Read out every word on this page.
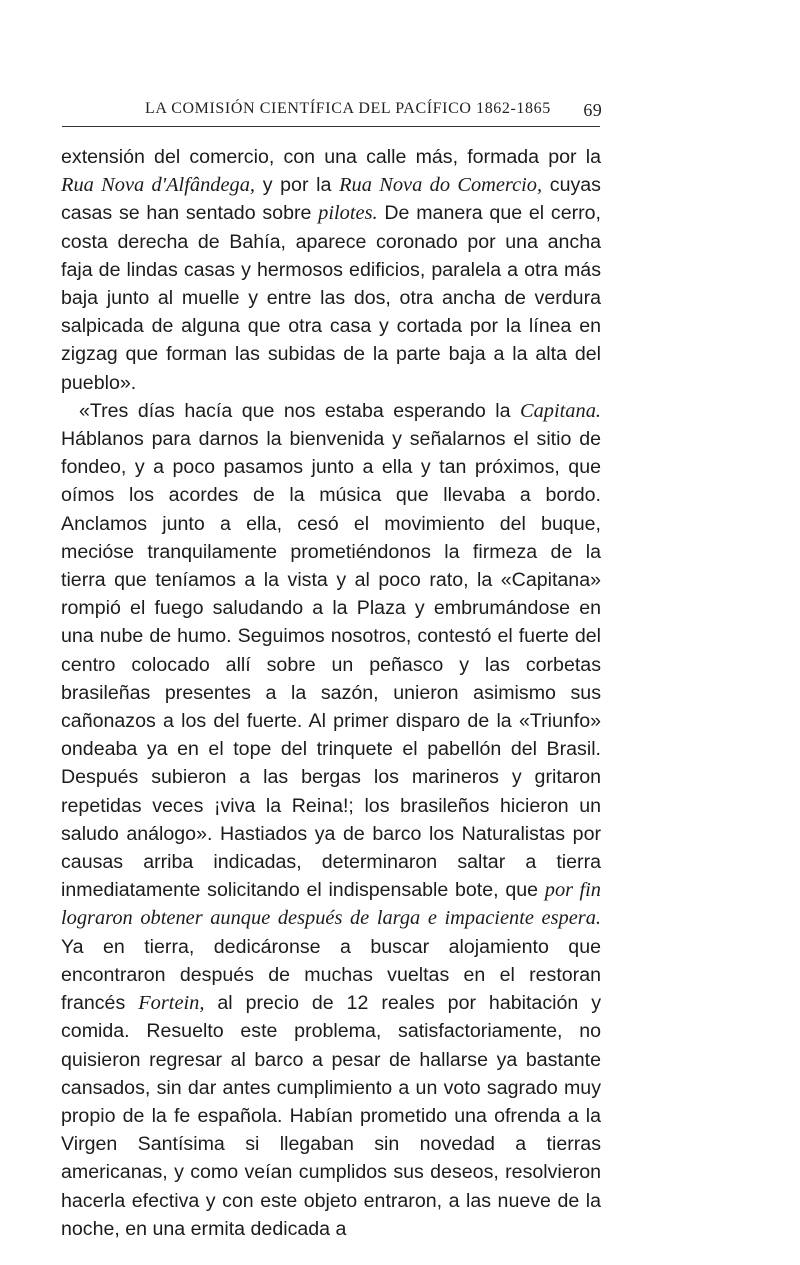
LA COMISIÓN CIENTÍFICA DEL PACÍFICO 1862-1865 69

extensión del comercio, con una calle más, formada por la Rua Nova d'Alfândega, y por la Rua Nova do Comercio, cuyas casas se han sentado sobre pilotes. De manera que el cerro, costa derecha de Bahía, aparece coronado por una ancha faja de lindas casas y hermosos edificios, paralela a otra más baja junto al muelle y entre las dos, otra ancha de verdura salpicada de alguna que otra casa y cortada por la línea en zigzag que forman las subidas de la parte baja a la alta del pueblo».

«Tres días hacía que nos estaba esperando la Capitana. Háblanos para darnos la bienvenida y señalarnos el sitio de fondeo, y a poco pasamos junto a ella y tan próximos, que oímos los acordes de la música que llevaba a bordo. Anclamos junto a ella, cesó el movimiento del buque, mecióse tranquilamente prometiéndonos la firmeza de la tierra que teníamos a la vista y al poco rato, la «Capitana» rompió el fuego saludando a la Plaza y embrumándose en una nube de humo. Seguimos nosotros, contestó el fuerte del centro colocado allí sobre un peñasco y las corbetas brasileñas presentes a la sazón, unieron asimismo sus cañonazos a los del fuerte. Al primer disparo de la «Triunfo» ondeaba ya en el tope del trinquete el pabellón del Brasil. Después subieron a las bergas los marineros y gritaron repetidas veces ¡viva la Reina!; los brasileños hicieron un saludo análogo». Hastiados ya de barco los Naturalistas por causas arriba indicadas, determinaron saltar a tierra inmediatamente solicitando el indispensable bote, que por fin lograron obtener aunque después de larga e impaciente espera. Ya en tierra, dedicáronse a buscar alojamiento que encontraron después de muchas vueltas en el restoran francés Fortein, al precio de 12 reales por habitación y comida. Resuelto este problema, satisfactoriamente, no quisieron regresar al barco a pesar de hallarse ya bastante cansados, sin dar antes cumplimiento a un voto sagrado muy propio de la fe española. Habían prometido una ofrenda a la Virgen Santísima si llegaban sin novedad a tierras americanas, y como veían cumplidos sus deseos, resolvieron hacerla efectiva y con este objeto entraron, a las nueve de la noche, en una ermita dedicada a
